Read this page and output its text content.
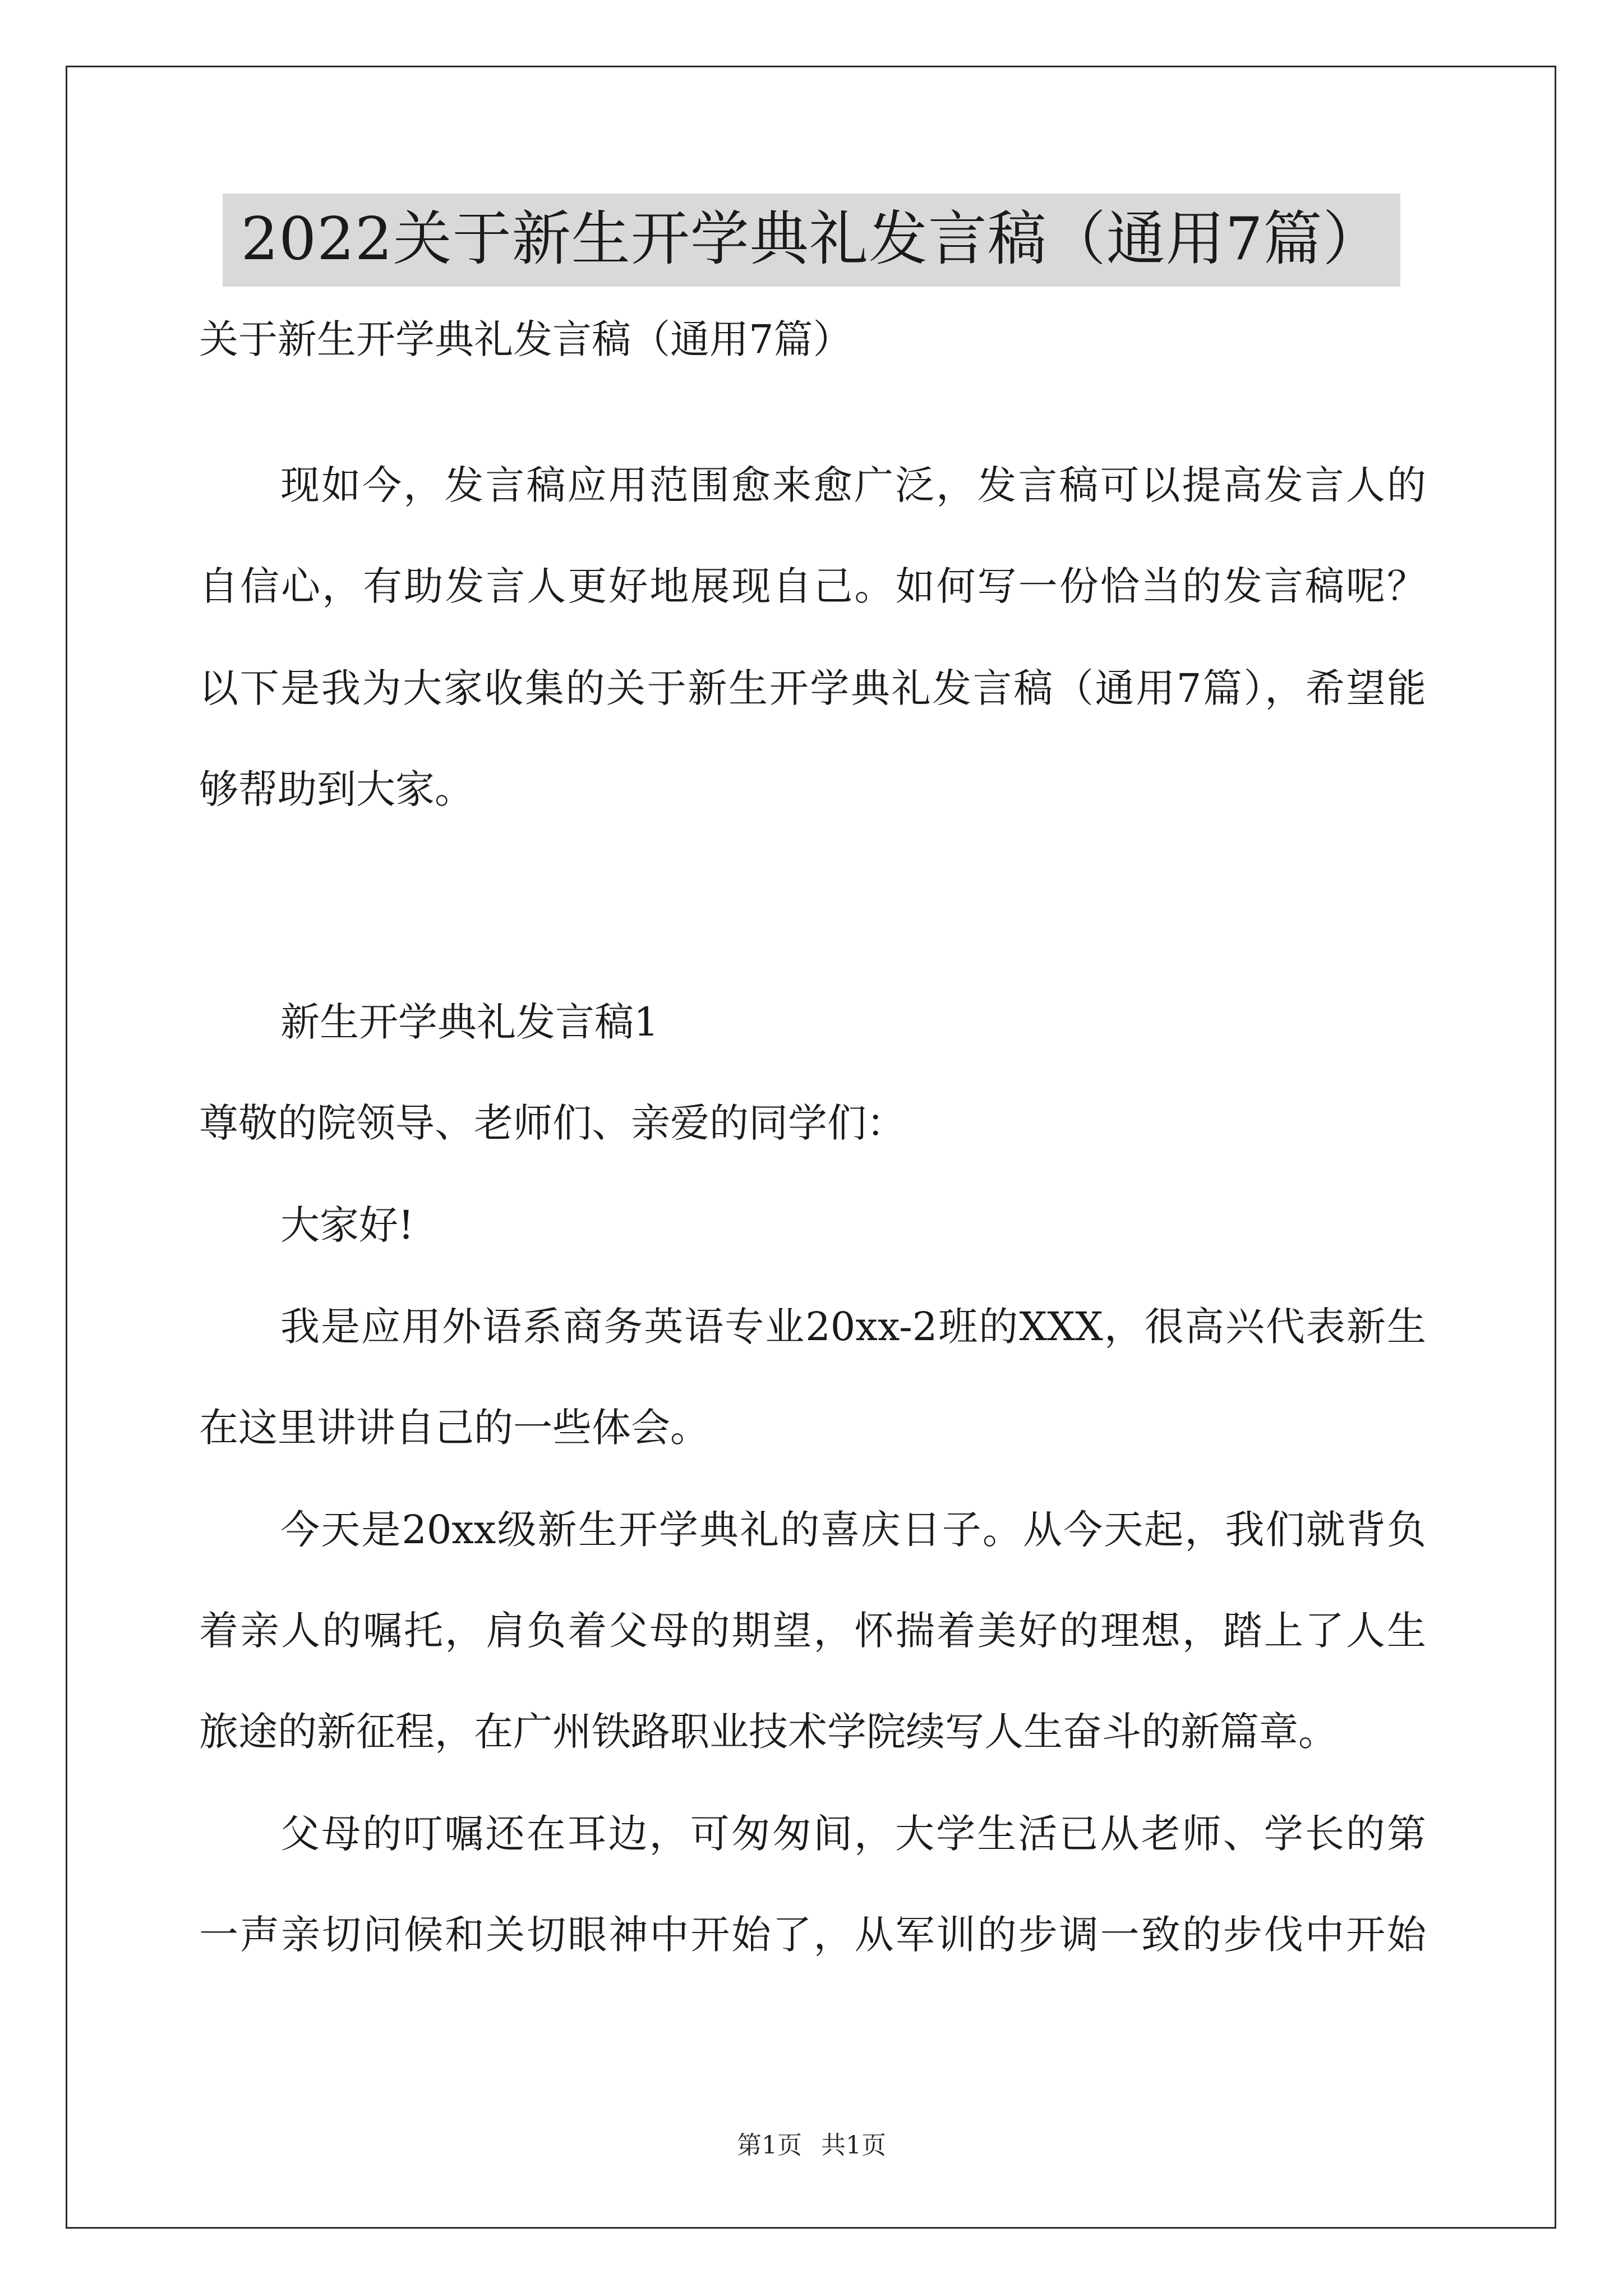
2022关于新生开学典礼发言稿（通用7篇）

关于新生开学典礼发言稿（通用7篇）

现如今，发言稿应用范围愈来愈广泛，发言稿可以提高发言人的

自信心，有助发言人更好地展现自己。如何写一份恰当的发言稿呢？

以下是我为大家收集的关于新生开学典礼发言稿（通用7篇），希望能

够帮助到大家。

新生开学典礼发言稿1

尊敬的院领导、老师们、亲爱的同学们：

大家好!

我是应用外语系商务英语专业20xx-2班的XXX，很高兴代表新生

在这里讲讲自己的一些体会。

今天是20xx级新生开学典礼的喜庆日子。从今天起，我们就背负

着亲人的嘱托，肩负着父母的期望，怀揣着美好的理想，踏上了人生

旅途的新征程，在广州铁路职业技术学院续写人生奋斗的新篇章。

父母的叮嘱还在耳边，可匆匆间，大学生活已从老师、学长的第

一声亲切问候和关切眼神中开始了，从军训的步调一致的步伐中开始

第1页 共1页
